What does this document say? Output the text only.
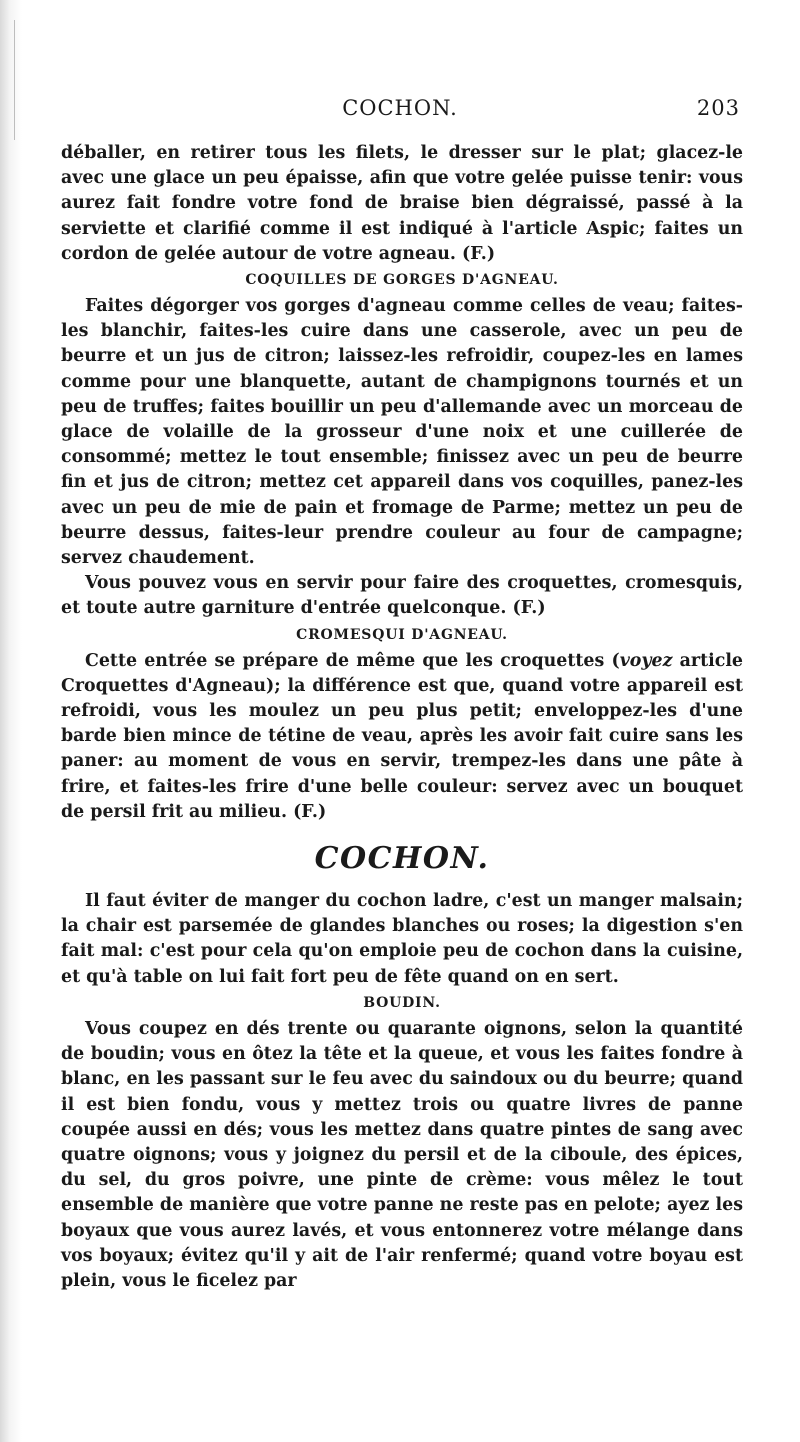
COCHON.	203

déballer, en retirer tous les filets, le dresser sur le plat; glacez-le avec une glace un peu épaisse, afin que votre gelée puisse tenir: vous aurez fait fondre votre fond de braise bien dégraissé, passé à la serviette et clarifié comme il est indiqué à l'article Aspic; faites un cordon de gelée autour de votre agneau. (F.)

COQUILLES DE GORGES D'AGNEAU.

Faites dégorger vos gorges d'agneau comme celles de veau; faites-les blanchir, faites-les cuire dans une casserole, avec un peu de beurre et un jus de citron; laissez-les refroidir, coupez-les en lames comme pour une blanquette, autant de champignons tournés et un peu de truffes; faites bouillir un peu d'allemande avec un morceau de glace de volaille de la grosseur d'une noix et une cuillerée de consommé; mettez le tout ensemble; finissez avec un peu de beurre fin et jus de citron; mettez cet appareil dans vos coquilles, panez-les avec un peu de mie de pain et fromage de Parme; mettez un peu de beurre dessus, faites-leur prendre couleur au four de campagne; servez chaudement.

Vous pouvez vous en servir pour faire des croquettes, cromesquis, et toute autre garniture d'entrée quelconque. (F.)

CROMESQUI D'AGNEAU.

Cette entrée se prépare de même que les croquettes (voyez article Croquettes d'Agneau); la différence est que, quand votre appareil est refroidi, vous les moulez un peu plus petit; enveloppez-les d'une barde bien mince de tétine de veau, après les avoir fait cuire sans les paner: au moment de vous en servir, trempez-les dans une pâte à frire, et faites-les frire d'une belle couleur: servez avec un bouquet de persil frit au milieu. (F.)

COCHON.

Il faut éviter de manger du cochon ladre, c'est un manger malsain; la chair est parsemée de glandes blanches ou roses; la digestion s'en fait mal: c'est pour cela qu'on emploie peu de cochon dans la cuisine, et qu'à table on lui fait fort peu de fête quand on en sert.

BOUDIN.

Vous coupez en dés trente ou quarante oignons, selon la quantité de boudin; vous en ôtez la tête et la queue, et vous les faites fondre à blanc, en les passant sur le feu avec du saindoux ou du beurre; quand il est bien fondu, vous y mettez trois ou quatre livres de panne coupée aussi en dés; vous les mettez dans quatre pintes de sang avec quatre oignons; vous y joignez du persil et de la ciboule, des épices, du sel, du gros poivre, une pinte de crème: vous mêlez le tout ensemble de manière que votre panne ne reste pas en pelote; ayez les boyaux que vous aurez lavés, et vous entonnerez votre mélange dans vos boyaux; évitez qu'il y ait de l'air renfermé; quand votre boyau est plein, vous le ficelez par
